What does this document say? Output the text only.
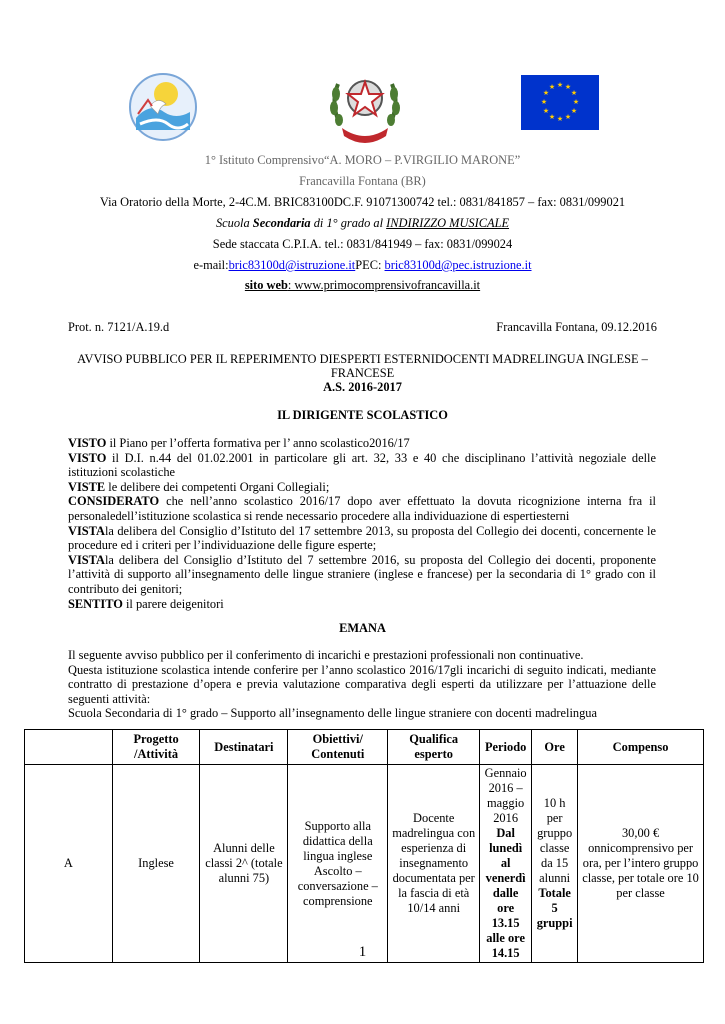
★ ★
★
★
★
★
★
★
★
★
★
★
1° Istituto Comprensivo“A. MORO – P.VIRGILIO MARONE”
Francavilla Fontana (BR)
Via Oratorio della Morte, 2-4C.M. BRIC83100DC.F. 91071300742 tel.: 0831/841857 – fax: 0831/099021
Scuola Secondaria di 1° grado al INDIRIZZO MUSICALE
Sede staccata C.P.I.A. tel.: 0831/841949 – fax: 0831/099024
e-mail:bric83100d@istruzione.itPEC: bric83100d@pec.istruzione.it
sito web: www.primocomprensivofrancavilla.it
Prot. n. 7121/A.19.d	Francavilla Fontana, 09.12.2016
AVVISO PUBBLICO PER IL REPERIMENTO DIESPERTI ESTERNIDOCENTI MADRELINGUA INGLESE –
FRANCESE
A.S. 2016-2017
IL DIRIGENTE SCOLASTICO
VISTO il Piano per l’offerta formativa per l’ anno scolastico2016/17
VISTO il D.I. n.44 del 01.02.2001 in particolare gli art. 32, 33 e 40 che disciplinano l’attività negoziale delle istituzioni scolastiche
VISTE le delibere dei competenti Organi Collegiali;
CONSIDERATO che nell’anno scolastico 2016/17 dopo aver effettuato la dovuta ricognizione interna fra il personaledell’istituzione scolastica si rende necessario procedere alla individuazione di espertiesterni
VISTAla delibera del Consiglio d’Istituto del 17 settembre 2013, su proposta del Collegio dei docenti, concernente le procedure ed i criteri per l’individuazione delle figure esperte;
VISTAla delibera del Consiglio d’Istituto del 7 settembre 2016, su proposta del Collegio dei docenti, proponente l’attività di supporto all’insegnamento delle lingue straniere (inglese e francese) per la secondaria di 1° grado con il contributo dei genitori;
SENTITO il parere deigenitori
EMANA
Il seguente avviso pubblico per il conferimento di incarichi e prestazioni professionali non continuative.
Questa istituzione scolastica intende conferire per l’anno scolastico 2016/17gli incarichi di seguito indicati, mediante contratto di prestazione d’opera e previa valutazione comparativa degli esperti da utilizzare per l’attuazione delle seguenti attività:
Scuola Secondaria di 1° grado – Supporto all’insegnamento delle lingue straniere con docenti madrelingua
	Progetto /Attività	Destinatari	Obiettivi/ Contenuti	Qualifica esperto	Periodo	Ore	Compenso
A	Inglese	Alunni delle classi 2^ (totale alunni 75)	Supporto alla didattica della lingua inglese Ascolto – conversazione – comprensione	Docente madrelingua con esperienza di insegnamento documentata per la fascia di età 10/14 anni	Gennaio 2016 – maggio 2016 Dal lunedì al venerdì dalle ore 13.15 alle ore 14.15	10 h per gruppo classe da 15 alunni Totale 5 gruppi	30,00 € onnicomprensivo per ora, per l’intero gruppo classe, per totale ore 10 per classe
1
